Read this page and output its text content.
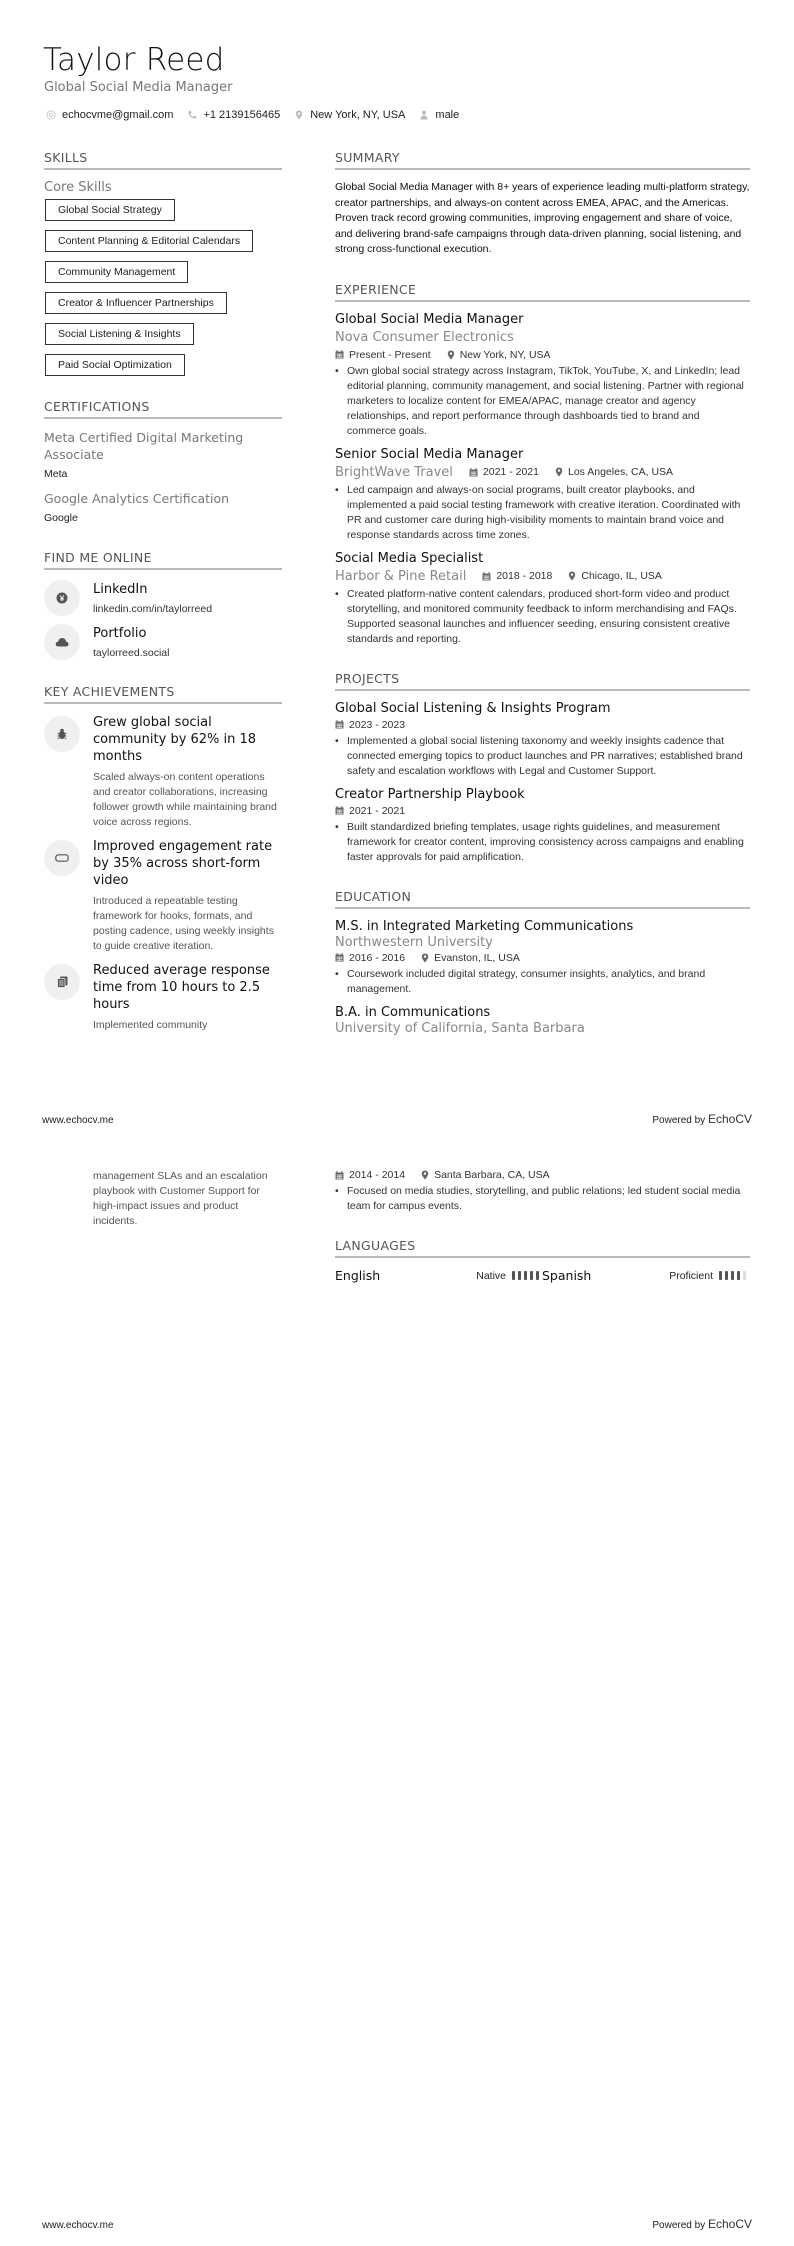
Taylor Reed
Global Social Media Manager
echocvme@gmail.com	+1 2139156465	New York, NY, USA	male
SKILLS
Core Skills
Global Social Strategy
Content Planning & Editorial Calendars
Community Management
Creator & Influencer Partnerships
Social Listening & Insights
Paid Social Optimization
CERTIFICATIONS
Meta Certified Digital Marketing Associate
Meta
Google Analytics Certification
Google
FIND ME ONLINE
LinkedIn
linkedin.com/in/taylorreed
Portfolio
taylorreed.social
KEY ACHIEVEMENTS
Grew global social community by 62% in 18 months
Scaled always-on content operations and creator collaborations, increasing follower growth while maintaining brand voice across regions.
Improved engagement rate by 35% across short-form video
Introduced a repeatable testing framework for hooks, formats, and posting cadence, using weekly insights to guide creative iteration.
Reduced average response time from 10 hours to 2.5 hours
Implemented community
SUMMARY

Global Social Media Manager with 8+ years of experience leading multi-platform strategy, creator partnerships, and always-on content across EMEA, APAC, and the Americas. Proven track record growing communities, improving engagement and share of voice, and delivering brand-safe campaigns through data-driven planning, social listening, and strong cross-functional execution.

EXPERIENCE
Global Social Media Manager
Nova Consumer Electronics
Present - Present	New York, NY, USA
• Own global social strategy across Instagram, TikTok, YouTube, X, and LinkedIn; lead editorial planning, community management, and social listening. Partner with regional marketers to localize content for EMEA/APAC, manage creator and agency relationships, and report performance through dashboards tied to brand and commerce goals.
Senior Social Media Manager
BrightWave Travel	2021 - 2021	Los Angeles, CA, USA
• Led campaign and always-on social programs, built creator playbooks, and implemented a paid social testing framework with creative iteration. Coordinated with PR and customer care during high-visibility moments to maintain brand voice and response standards across time zones.
Social Media Specialist
Harbor & Pine Retail	2018 - 2018	Chicago, IL, USA
• Created platform-native content calendars, produced short-form video and product storytelling, and monitored community feedback to inform merchandising and FAQs. Supported seasonal launches and influencer seeding, ensuring consistent creative standards and reporting.
PROJECTS
Global Social Listening & Insights Program
2023 - 2023
• Implemented a global social listening taxonomy and weekly insights cadence that connected emerging topics to product launches and PR narratives; established brand safety and escalation workflows with Legal and Customer Support.
Creator Partnership Playbook
2021 - 2021
• Built standardized briefing templates, usage rights guidelines, and measurement framework for creator content, improving consistency across campaigns and enabling faster approvals for paid amplification.
EDUCATION
M.S. in Integrated Marketing Communications
Northwestern University
2016 - 2016	Evanston, IL, USA
• Coursework included digital strategy, consumer insights, analytics, and brand management.
B.A. in Communications
University of California, Santa Barbara
www.echocv.me	Powered by EchoCV
management SLAs and an escalation playbook with Customer Support for high-impact issues and product incidents.
2014 - 2014	Santa Barbara, CA, USA
• Focused on media studies, storytelling, and public relations; led student social media team for campus events.
LANGUAGES
English	Native	Spanish	Proficient
www.echocv.me	Powered by EchoCV
